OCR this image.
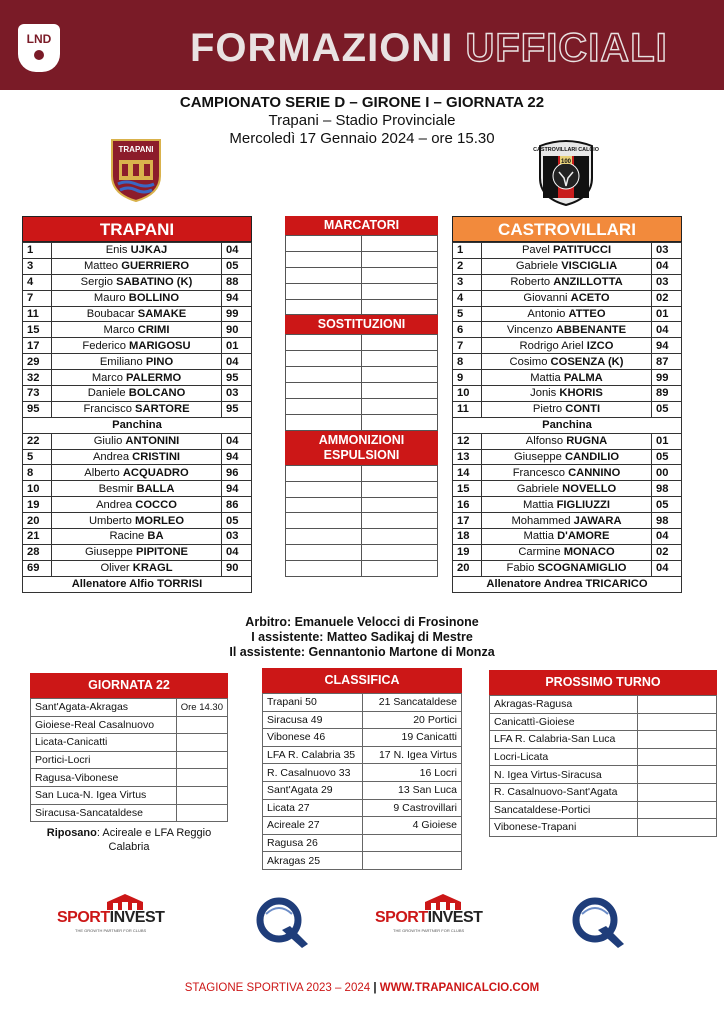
LND	FORMAZIONI UFFICIALI
CAMPIONATO SERIE D – GIRONE I – GIORNATA 22
Trapani – Stadio Provinciale
Mercoledì 17 Gennaio 2024 – ore 15.30
TRAPANI	CASTROVILLARI CALCIO
100
TRAPANI
1	Enis UJKAJ	04
3	Matteo GUERRIERO	05
4	Sergio SABATINO (K)	88
7	Mauro BOLLINO	94
11	Boubacar SAMAKE	99
15	Marco CRIMI	90
17	Federico MARIGOSU	01
29	Emiliano PINO	04
32	Marco PALERMO	95
73	Daniele BOLCANO	03
95	Francisco SARTORE	95
Panchina		
22	Giulio ANTONINI	04
5	Andrea CRISTINI	94
8	Alberto ACQUADRO	96
10	Besmir BALLA	94
19	Andrea COCCO	86
20	Umberto MORLEO	05
21	Racine BA	03
28	Giuseppe PIPITONE	04
69	Oliver KRAGL	90
Allenatore Alfio TORRISI		
MARCATORI

SOSTITUZIONI

AMMONIZIONI
ESPULSIONI

CASTROVILLARI
1	Pavel PATITUCCI	03
2	Gabriele VISCIGLIA	04
3	Roberto ANZILLOTTA	03
4	Giovanni ACETO	02
5	Antonio ATTEO	01
6	Vincenzo ABBENANTE	04
7	Rodrigo Ariel IZCO	94
8	Cosimo COSENZA (K)	87
9	Mattia PALMA	99
10	Jonis KHORIS	89
11	Pietro CONTI	05
Panchina		
12	Alfonso RUGNA	01
13	Giuseppe CANDILIO	05
14	Francesco CANNINO	00
15	Gabriele NOVELLO	98
16	Mattia FIGLIUZZI	05
17	Mohammed JAWARA	98
18	Mattia D'AMORE	04
19	Carmine MONACO	02
20	Fabio SCOGNAMIGLIO	04
Allenatore Andrea TRICARICO		
Arbitro: Emanuele Velocci di Frosinone
I assistente: Matteo Sadikaj di Mestre
Il assistente: Gennantonio Martone di Monza
GIORNATA 22
Sant'Agata-Akragas	Ore 14.30
Gioiese-Real Casalnuovo	
Licata-Canicatti	
Portici-Locri	
Ragusa-Vibonese	
San Luca-N. Igea Virtus	
Siracusa-Sancataldese	
Riposano: Acireale e LFA Reggio Calabria
CLASSIFICA
Trapani 50	21 Sancataldese
Siracusa 49	20 Portici
Vibonese 46	19 Canicatti
LFA R. Calabria 35	17 N. Igea Virtus
R. Casalnuovo 33	16 Locri
Sant'Agata 29	13 San Luca
Licata 27	9 Castrovillari
Acireale 27	4 Gioiese
Ragusa 26	
Akragas 25	
PROSSIMO TURNO
Akragas-Ragusa	
Canicattì-Gioiese	
LFA R. Calabria-San Luca	
Locri-Licata	
N. Igea Virtus-Siracusa	
R. Casalnuovo-Sant'Agata	
Sancataldese-Portici	
Vibonese-Trapani	
SPORTINVEST
THE GROWTH PARTNER FOR CLUBS
SPORTINVEST
THE GROWTH PARTNER FOR CLUBS
STAGIONE SPORTIVA 2023 – 2024 | WWW.TRAPANICALCIO.COM
